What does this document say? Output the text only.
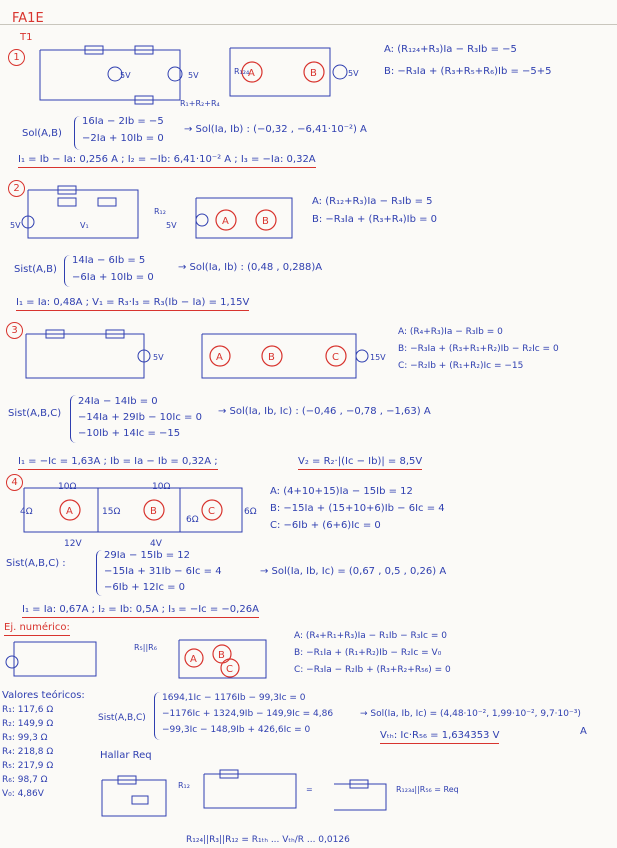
FA1E
T1
1
5V	5V
R₁+R₂+R₄
A	B	5V
R₁₂₄
A: (R₁₂₄+R₃)Ia − R₃Ib = −5
B: −R₃Ia + (R₃+R₅+R₆)Ib = −5+5
Sol(A,B)
16Ia − 2Ib = −5
−2Ia + 10Ib = 0
→ Sol(Ia, Ib) : (−0,32 , −6,41·10⁻²) A
I₁ = Ib − Ia: 0,256 A ; I₂ = −Ib: 6,41·10⁻² A ; I₃ = −Ia: 0,32A
2
5V	V₁	A	B
R₁₂
5V
A: (R₁₂+R₃)Ia − R₃Ib = 5
B: −R₃Ia + (R₃+R₄)Ib = 0
Sist(A,B)
14Ia − 6Ib = 5
−6Ia + 10Ib = 0
→ Sol(Ia, Ib) : (0,48 , 0,288)A
I₁ = Ia: 0,48A ; V₁ = R₃·I₃ = R₃(Ib − Ia) = 1,15V
3
5V	A	B	C	15V
A: (R₄+R₃)Ia − R₃Ib = 0
B: −R₃Ia + (R₃+R₁+R₂)Ib − R₂Ic = 0
C: −R₂Ib + (R₁+R₂)Ic = −15
Sist(A,B,C)
24Ia − 14Ib = 0
−14Ia + 29Ib − 10Ic = 0
−10Ib + 14Ic = −15
→ Sol(Ia, Ib, Ic) : (−0,46 , −0,78 , −1,63) A
I₁ = −Ic = 1,63A ; Ib = Ia − Ib = 0,32A ;	V₂ = R₂·|(Ic − Ib)| = 8,5V
4
A	B	C
10Ω	10Ω
4Ω	15Ω
6Ω
6Ω
12V	4V
A: (4+10+15)Ia − 15Ib = 12
B: −15Ia + (15+10+6)Ib − 6Ic = 4
C: −6Ib + (6+6)Ic = 0
Sist(A,B,C) :
29Ia − 15Ib = 12
−15Ia + 31Ib − 6Ic = 4
−6Ib + 12Ic = 0
→ Sol(Ia, Ib, Ic) = (0,67 , 0,5 , 0,26) A
I₁ = Ia: 0,67A ; I₂ = Ib: 0,5A ; I₃ = −Ic = −0,26A
Ej. numérico:
A B
C
R₅||R₆
A: (R₄+R₁+R₃)Ia − R₁Ib − R₃Ic = 0
B: −R₁Ia + (R₁+R₂)Ib − R₂Ic = V₀
C: −R₃Ia − R₂Ib + (R₃+R₂+R₅₆) = 0
Valores teóricos:
R₁: 117,6 Ω
R₂: 149,9 Ω
R₃: 99,3 Ω
R₄: 218,8 Ω
R₅: 217,9 Ω
R₆: 98,7 Ω
V₀: 4,86V
Sist(A,B,C)
1694,1Ic − 1176Ib − 99,3Ic = 0
−1176Ic + 1324,9Ib − 149,9Ic = 4,86
−99,3Ic − 148,9Ib + 426,6Ic = 0
→ Sol(Ia, Ib, Ic) = (4,48·10⁻², 1,99·10⁻², 9,7·10⁻³)
A
Vₜₕ: Ic·R₅₆ = 1,634353 V
Hallar Req
R₁₂	=	R₁₂₃₄||R₅₆ = Req
R₁₂₄||R₃||R₁₂ = R₁ₜₕ ... Vₜₕ/R ... 0,0126
